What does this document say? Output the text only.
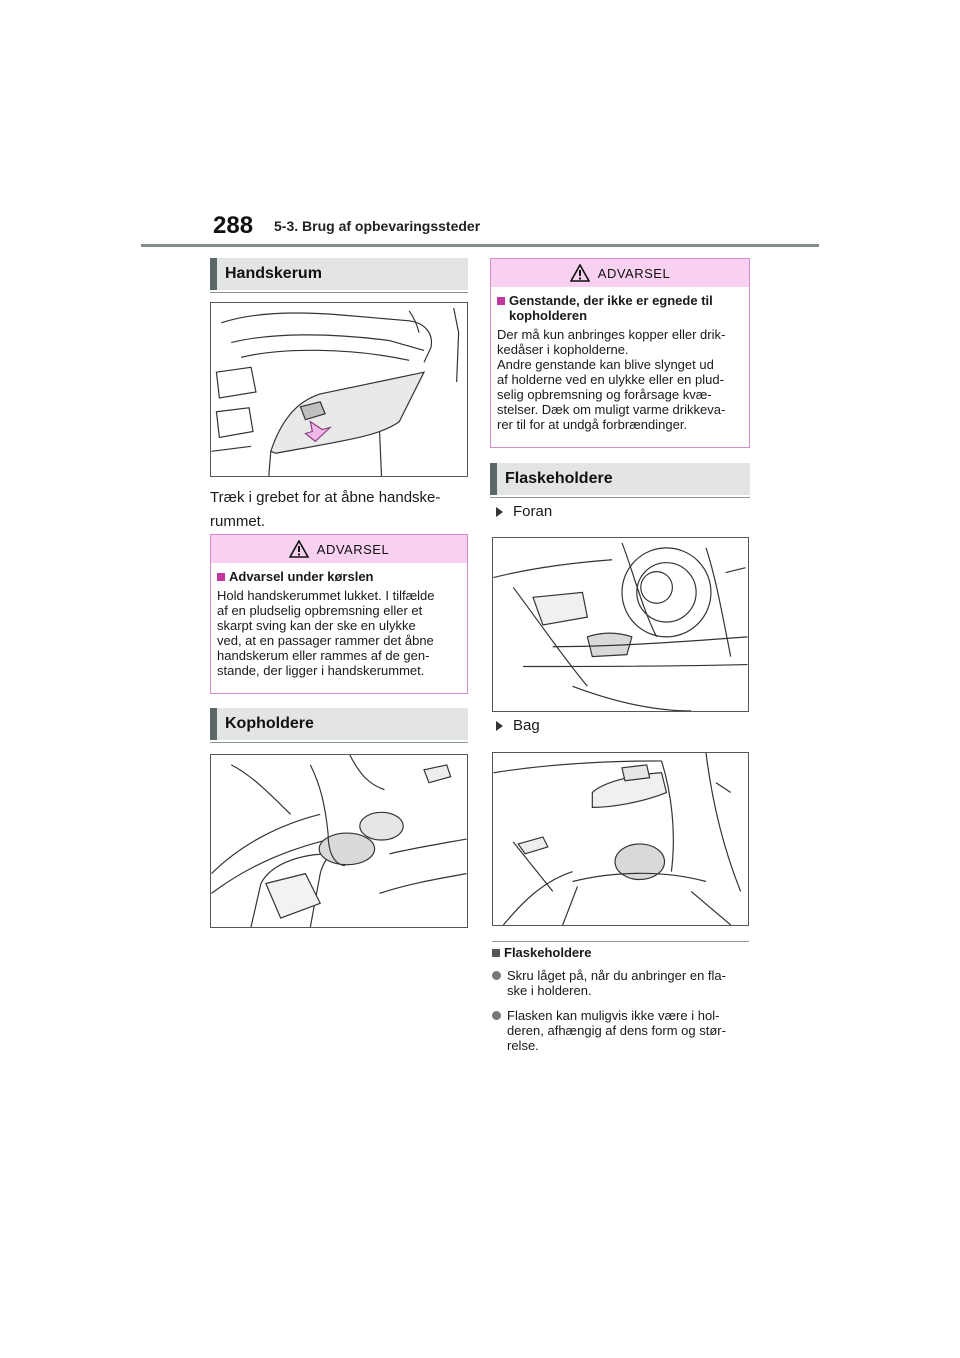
288 5-3. Brug af opbevaringssteder
Handskerum
Træk i grebet for at åbne handske-
rummet.
ADVARSEL
Advarsel under kørslen
Hold handskerummet lukket. I tilfælde
af en pludselig opbremsning eller et
skarpt sving kan der ske en ulykke
ved, at en passager rammer det åbne
handskerum eller rammes af de gen-
stande, der ligger i handskerummet.
Kopholdere
ADVARSEL
Genstande, der ikke er egnede til
kopholderen
Der må kun anbringes kopper eller drik-
kedåser i kopholderne.
Andre genstande kan blive slynget ud
af holderne ved en ulykke eller en plud-
selig opbremsning og forårsage kvæ-
stelser. Dæk om muligt varme drikkeva-
rer til for at undgå forbrændinger.
Flaskeholdere
Foran
Bag
Flaskeholdere
Skru låget på, når du anbringer en fla-
ske i holderen.
Flasken kan muligvis ikke være i hol-
deren, afhængig af dens form og stør-
relse.
